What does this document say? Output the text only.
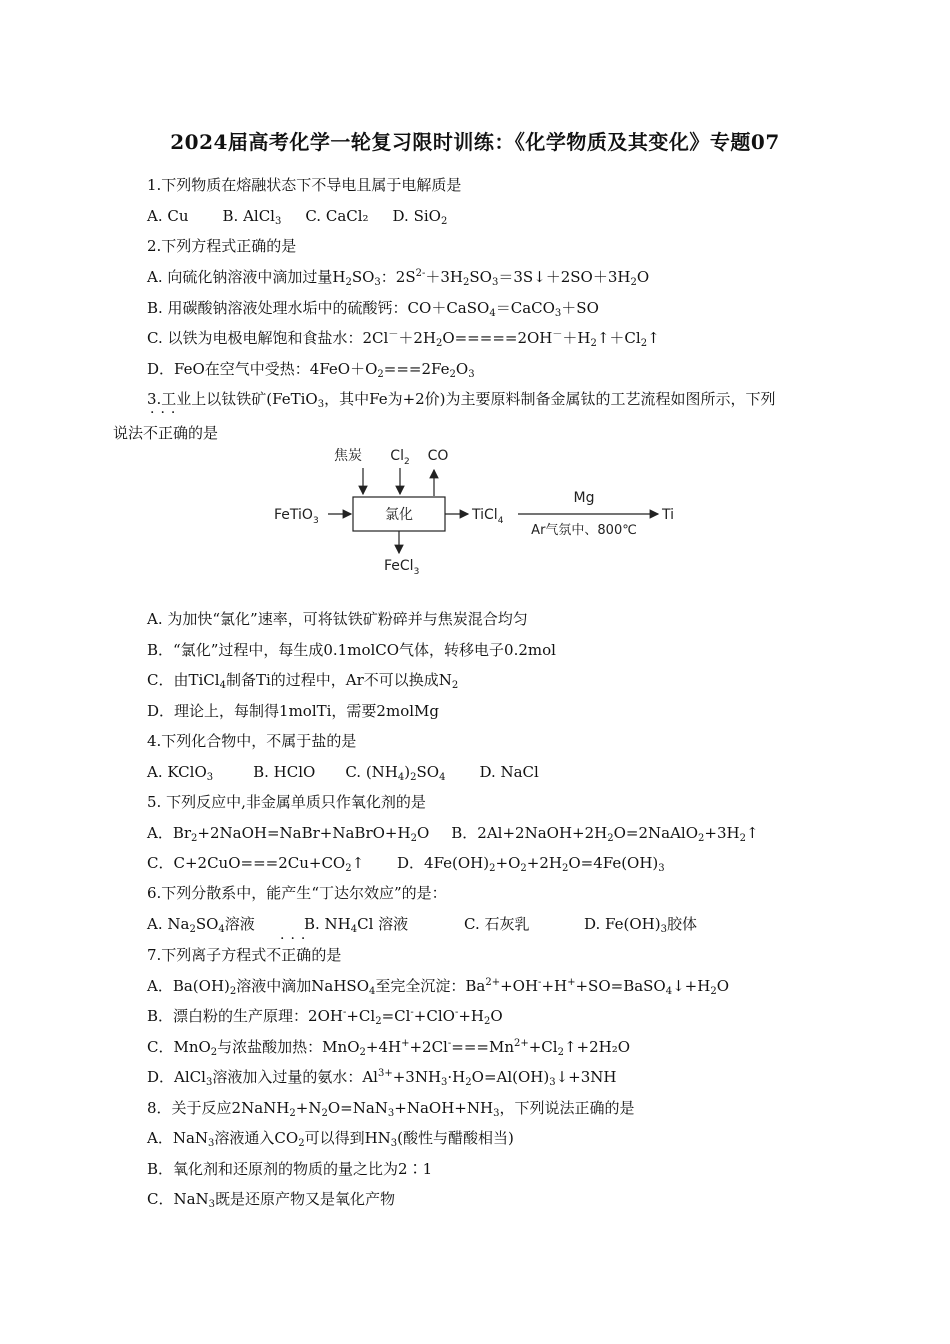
2024届高考化学一轮复习限时训练：《化学物质及其变化》专题07
1.下列物质在熔融状态下不导电且属于电解质是
A. Cu B. AlCl$_3$ C. CaCl₂ D. SiO$_2$
2.下列方程式正确的是
A. 向硫化钠溶液中滴加过量$H_2SO_3$：$2S^{2-}+3H_2SO_3=3S↓+2SO+3H_2O$
B. 用碳酸钠溶液处理水垢中的硫酸钙：CO＋CaSO$_4$＝CaCO$_3$＋SO
C. 以铁为电极电解饱和食盐水：$2Cl^-+2H_2O=====2OH^-+H_2↑+Cl_2↑$
D．FeO在空气中受热：$4FeO+O_2===2Fe_2O_3$
3.工业上以钛铁矿(FeTiO$_3$，其中Fe为+2价)为主要原料制备金属钛的工艺流程如图所示，下列
···
说法不正确的是
焦炭 $Cl_2$ CO
FeTiO$_3$	氯化	TiCl$_4$
Mg
Ar气氛中、800℃
Ti
FeCl$_3$
A. 为加快“氯化”速率，可将钛铁矿粉碎并与焦炭混合均匀
B．“氯化”过程中，每生成0.1molCO气体，转移电子0.2mol
C．由TiCl$_4$制备Ti的过程中，Ar不可以换成$N_2$
D．理论上，每制得1molTi，需要2molMg
4.下列化合物中，不属于盐的是
A. KClO$_3$	B. HClO C. $(NH_4)_2SO_4$ D. NaCl
5. 下列反应中,非金属单质只作氧化剂的是
A．$Br_2+2NaOH=NaBr+NaBrO+H_2O$ B．$2Al+2NaOH+2H_2O=2NaAlO_2+3H_2↑$
C．$C+2CuO===2Cu+CO_2↑$ D．$4Fe(OH)_2+O_2+2H_2O=4Fe(OH)_3$
6.下列分散系中，能产生“丁达尔效应”的是：
A. $Na_2SO_4$溶液	B. $NH_4Cl$ 溶液	C. 石灰乳	D. $Fe(OH)_3$胶体
···
7.下列离子方程式不正确的是
A．$Ba(OH)_2$溶液中滴加NaHSO$_4$至完全沉淀：$Ba^{2+}+OH^-+H^++SO=BaSO_4↓+H_2O$
B．漂白粉的生产原理：$2OH^-+Cl_2=Cl^-+ClO^-+H_2O$
C．MnO$_2$与浓盐酸加热：$MnO_2+4H^++2Cl^-===Mn^{2+}+Cl_2↑+2H_2O$
D．AlCl$_3$溶液加入过量的氨水：$Al^{3+}+3NH_3\cdot H_2O=Al(OH)_3↓+3NH$
8．关于反应$2NaNH_2+N_2O=NaN_3+NaOH+NH_3$，下列说法正确的是
A．NaN$_3$溶液通入$CO_2$可以得到$HN_3$(酸性与醋酸相当)
B．氧化剂和还原剂的物质的量之比为2∶1
C．NaN$_3$既是还原产物又是氧化产物
